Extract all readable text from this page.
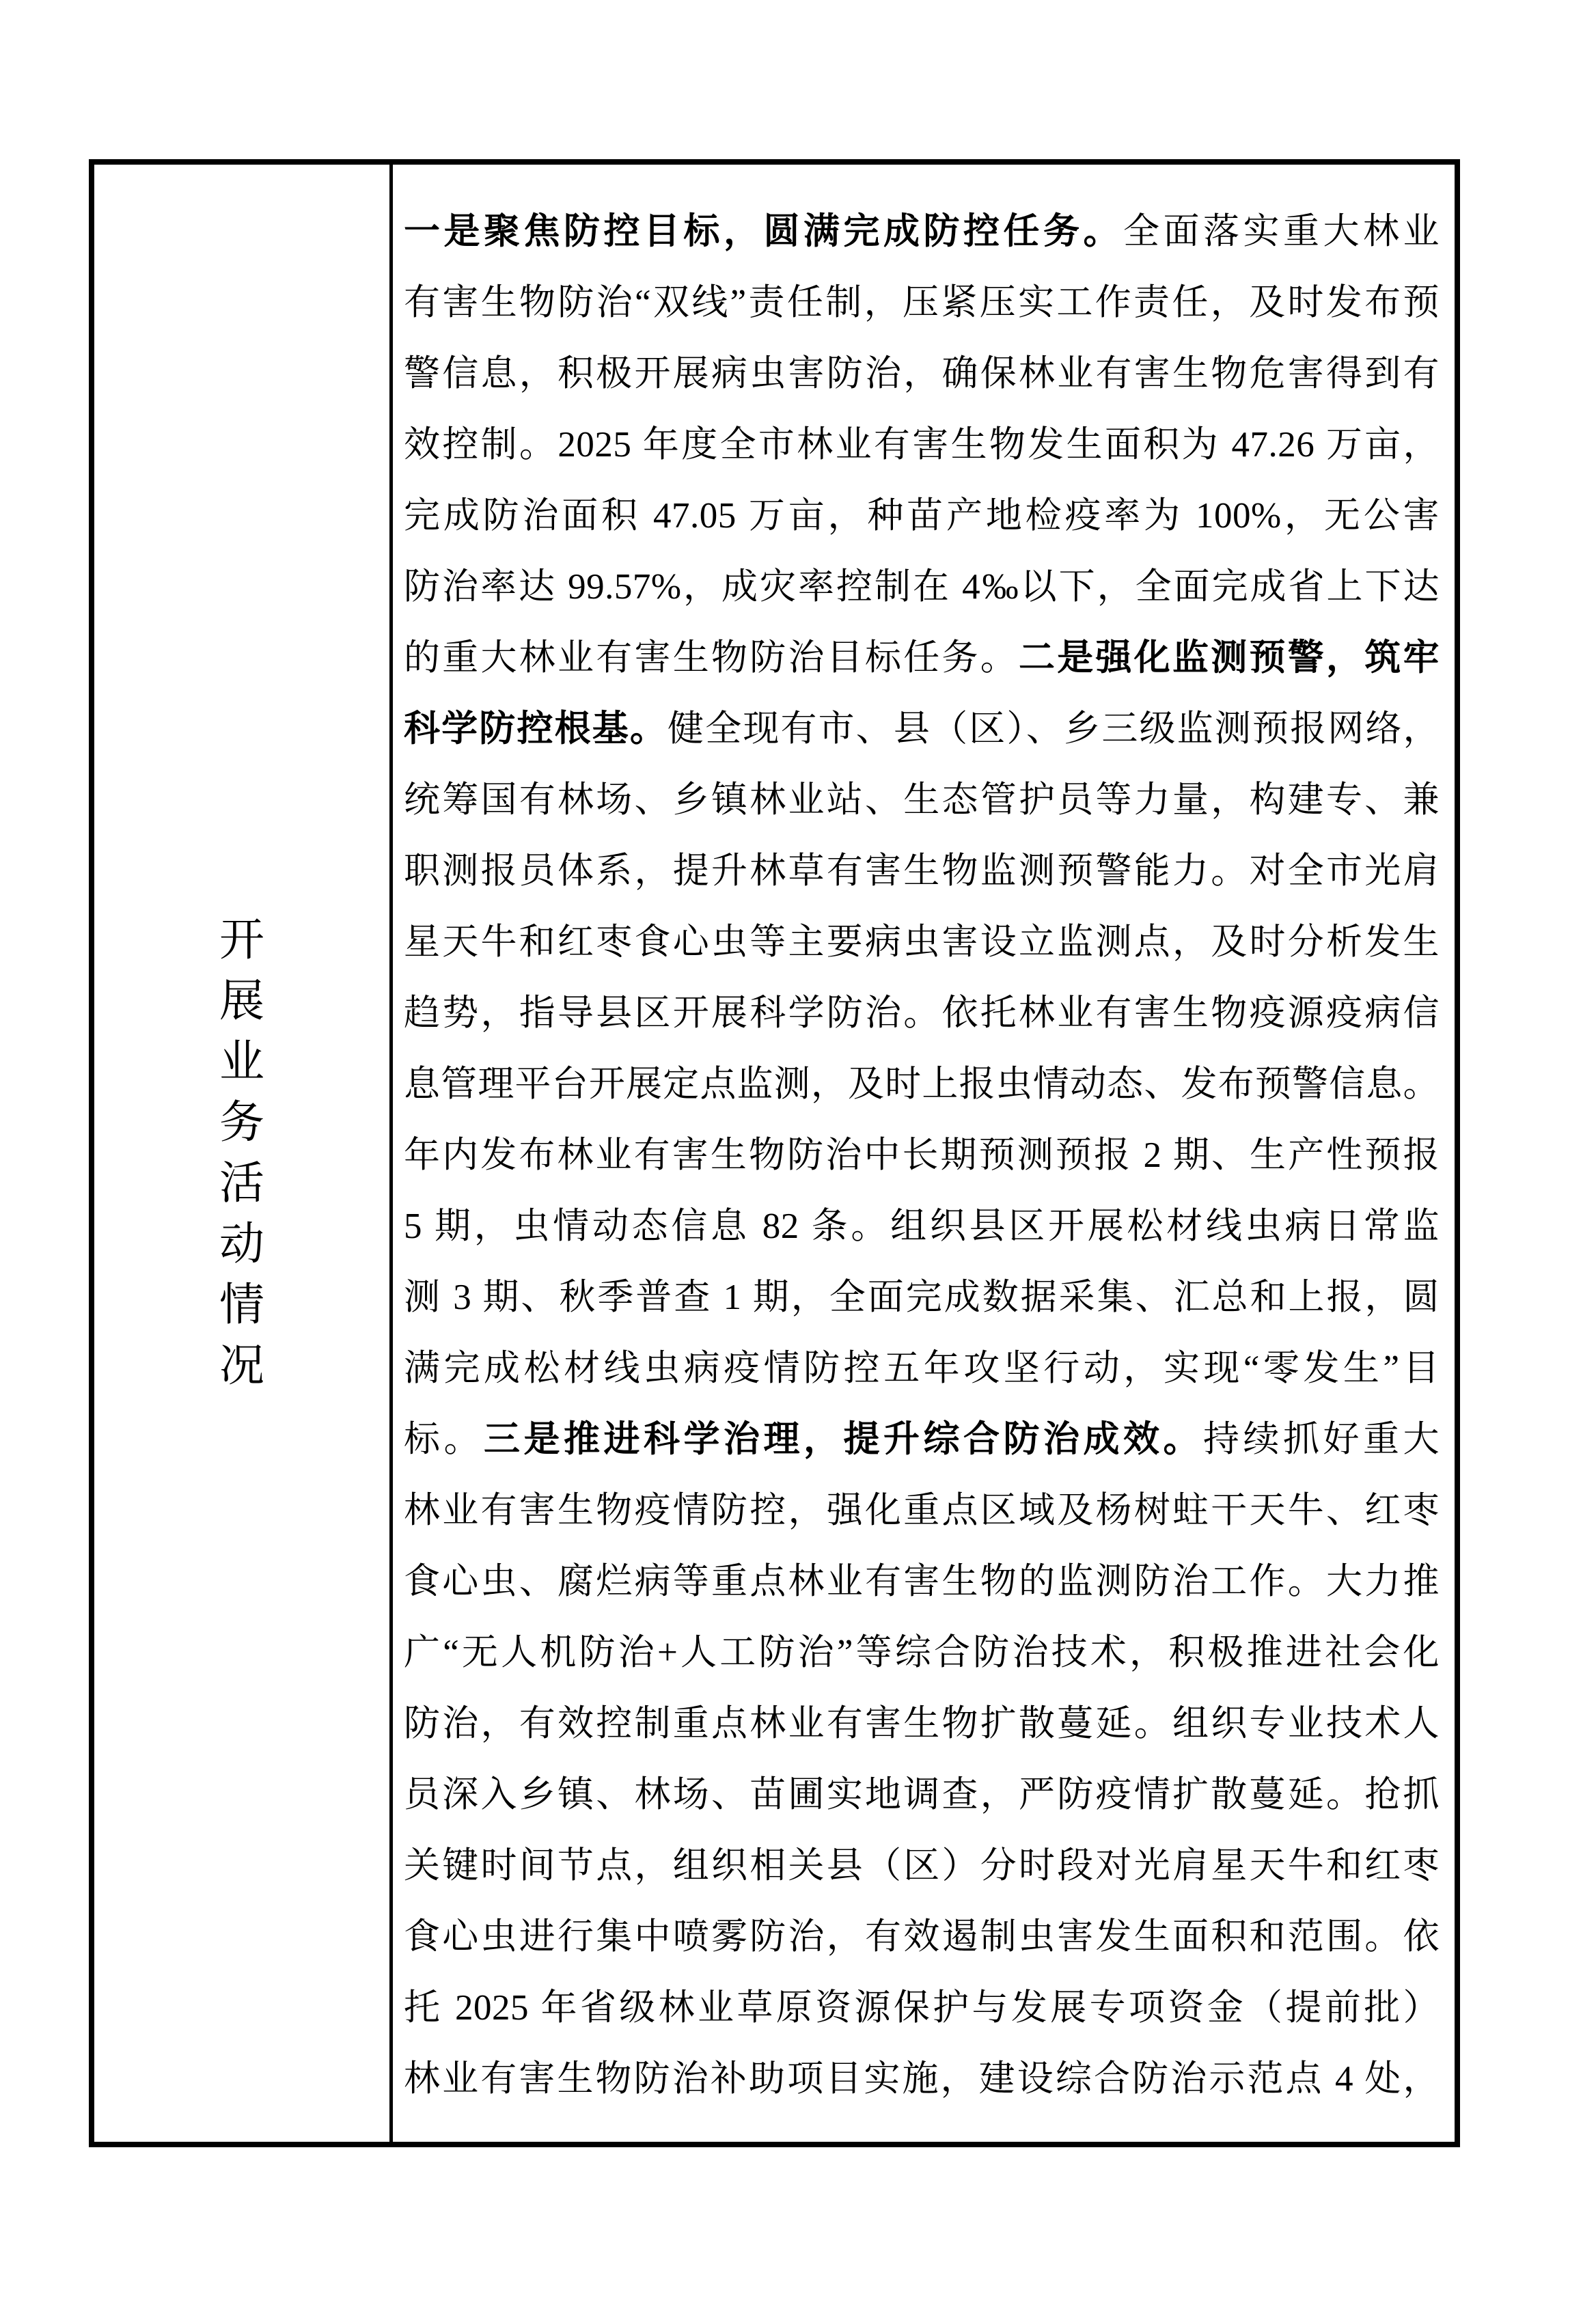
开
展
业
务
活
动
情
况
一是聚焦防控目标，圆满完成防控任务。全面落实重大林业
有害生物防治“双线”责任制，压紧压实工作责任，及时发布预
警信息，积极开展病虫害防治，确保林业有害生物危害得到有
效控制。2025 年度全市林业有害生物发生面积为 47.26 万亩，
完成防治面积 47.05 万亩，种苗产地检疫率为 100%，无公害
防治率达 99.57%，成灾率控制在 4‰以下，全面完成省上下达
的重大林业有害生物防治目标任务。二是强化监测预警，筑牢
科学防控根基。健全现有市、县（区）、乡三级监测预报网络，
统筹国有林场、乡镇林业站、生态管护员等力量，构建专、兼
职测报员体系，提升林草有害生物监测预警能力。对全市光肩
星天牛和红枣食心虫等主要病虫害设立监测点，及时分析发生
趋势，指导县区开展科学防治。依托林业有害生物疫源疫病信
息管理平台开展定点监测，及时上报虫情动态、发布预警信息。
年内发布林业有害生物防治中长期预测预报 2 期、生产性预报
5 期，虫情动态信息 82 条。组织县区开展松材线虫病日常监
测 3 期、秋季普查 1 期，全面完成数据采集、汇总和上报，圆
满完成松材线虫病疫情防控五年攻坚行动，实现“零发生”目
标。三是推进科学治理，提升综合防治成效。持续抓好重大
林业有害生物疫情防控，强化重点区域及杨树蛀干天牛、红枣
食心虫、腐烂病等重点林业有害生物的监测防治工作。大力推
广“无人机防治+人工防治”等综合防治技术，积极推进社会化
防治，有效控制重点林业有害生物扩散蔓延。组织专业技术人
员深入乡镇、林场、苗圃实地调查，严防疫情扩散蔓延。抢抓
关键时间节点，组织相关县（区）分时段对光肩星天牛和红枣
食心虫进行集中喷雾防治，有效遏制虫害发生面积和范围。依
托 2025 年省级林业草原资源保护与发展专项资金（提前批）
林业有害生物防治补助项目实施，建设综合防治示范点 4 处，
